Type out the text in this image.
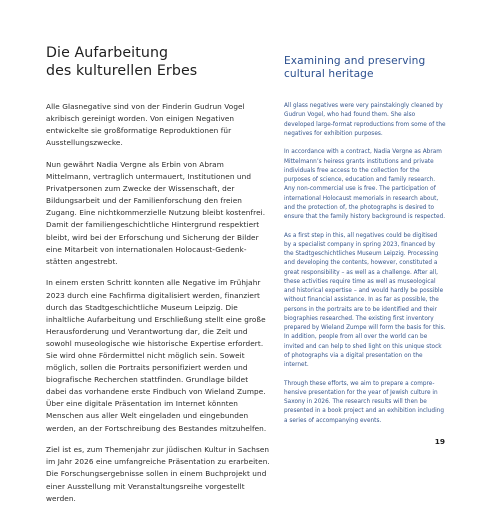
Die Aufarbeitung
des kulturellen Erbes

Alle Glasnegative sind von der Finderin Gudrun Vogel akribisch gereinigt worden. Von einigen Negativen entwickelte sie großformatige Reproduktionen für Ausstellungszwecke.

Nun gewährt Nadia Vergne als Erbin von Abram Mittelmann, vertraglich untermauert, Institutionen und Privatpersonen zum Zwecke der Wissenschaft, der Bildungsarbeit und der Familienforschung den freien Zugang. Eine nichtkommerzielle Nutzung bleibt kostenfrei. Damit der familiengeschichtliche Hintergrund respektiert bleibt, wird bei der Erforschung und Sicherung der Bilder eine Mitarbeit von internationalen Holocaust-Gedenkstätten angestrebt.

In einem ersten Schritt konnten alle Negative im Frühjahr 2023 durch eine Fachfirma digitalisiert werden, finanziert durch das Stadtgeschichtliche Museum Leipzig. Die inhaltliche Aufarbeitung und Erschließung stellt eine große Herausforderung und Verantwortung dar, die Zeit und sowohl museologische wie historische Expertise erfordert. Sie wird ohne Fördermittel nicht möglich sein. Soweit möglich, sollen die Portraits personifiziert werden und biografische Recherchen stattfinden. Grundlage bildet dabei das vorhandene erste Findbuch von Wieland Zumpe. Über eine digitale Präsentation im Internet könnten Menschen aus aller Welt eingeladen und eingebunden werden, an der Fortschreibung des Bestandes mitzuhelfen.

Ziel ist es, zum Themenjahr zur jüdischen Kultur in Sachsen im Jahr 2026 eine umfangreiche Präsentation zu erarbeiten. Die Forschungsergebnisse sollen in einem Buchprojekt und einer Ausstellung mit Veranstaltungsreihe vorgestellt werden.

Examining and preserving
cultural heritage

All glass negatives were very painstakingly cleaned by Gudrun Vogel, who had found them. She also developed large-format reproductions from some of the negatives for exhibition purposes.

In accordance with a contract, Nadia Vergne as Abram Mittelmann’s heiress grants institutions and private individuals free access to the collection for the purposes of science, education and family research. Any non-commercial use is free. The participation of international Holocaust memorials in research about, and the protection of, the photographs is desired to ensure that the family history background is respected.

As a first step in this, all negatives could be digitised by a specialist company in spring 2023, financed by the Stadtgeschichtliches Museum Leipzig. Processing and developing the contents, however, constituted a great responsibility – as well as a challenge. After all, these activities require time as well as museological and historical expertise – and would hardly be possible without financial assistance. In as far as possible, the persons in the portraits are to be identified and their biographies researched. The existing first inventory prepared by Wieland Zumpe will form the basis for this. In addition, people from all over the world can be invited and can help to shed light on this unique stock of photographs via a digital presentation on the internet.

Through these efforts, we aim to prepare a comprehensive presentation for the year of Jewish culture in Saxony in 2026. The research results will then be presented in a book project and an exhibition including a series of accompanying events.

19
